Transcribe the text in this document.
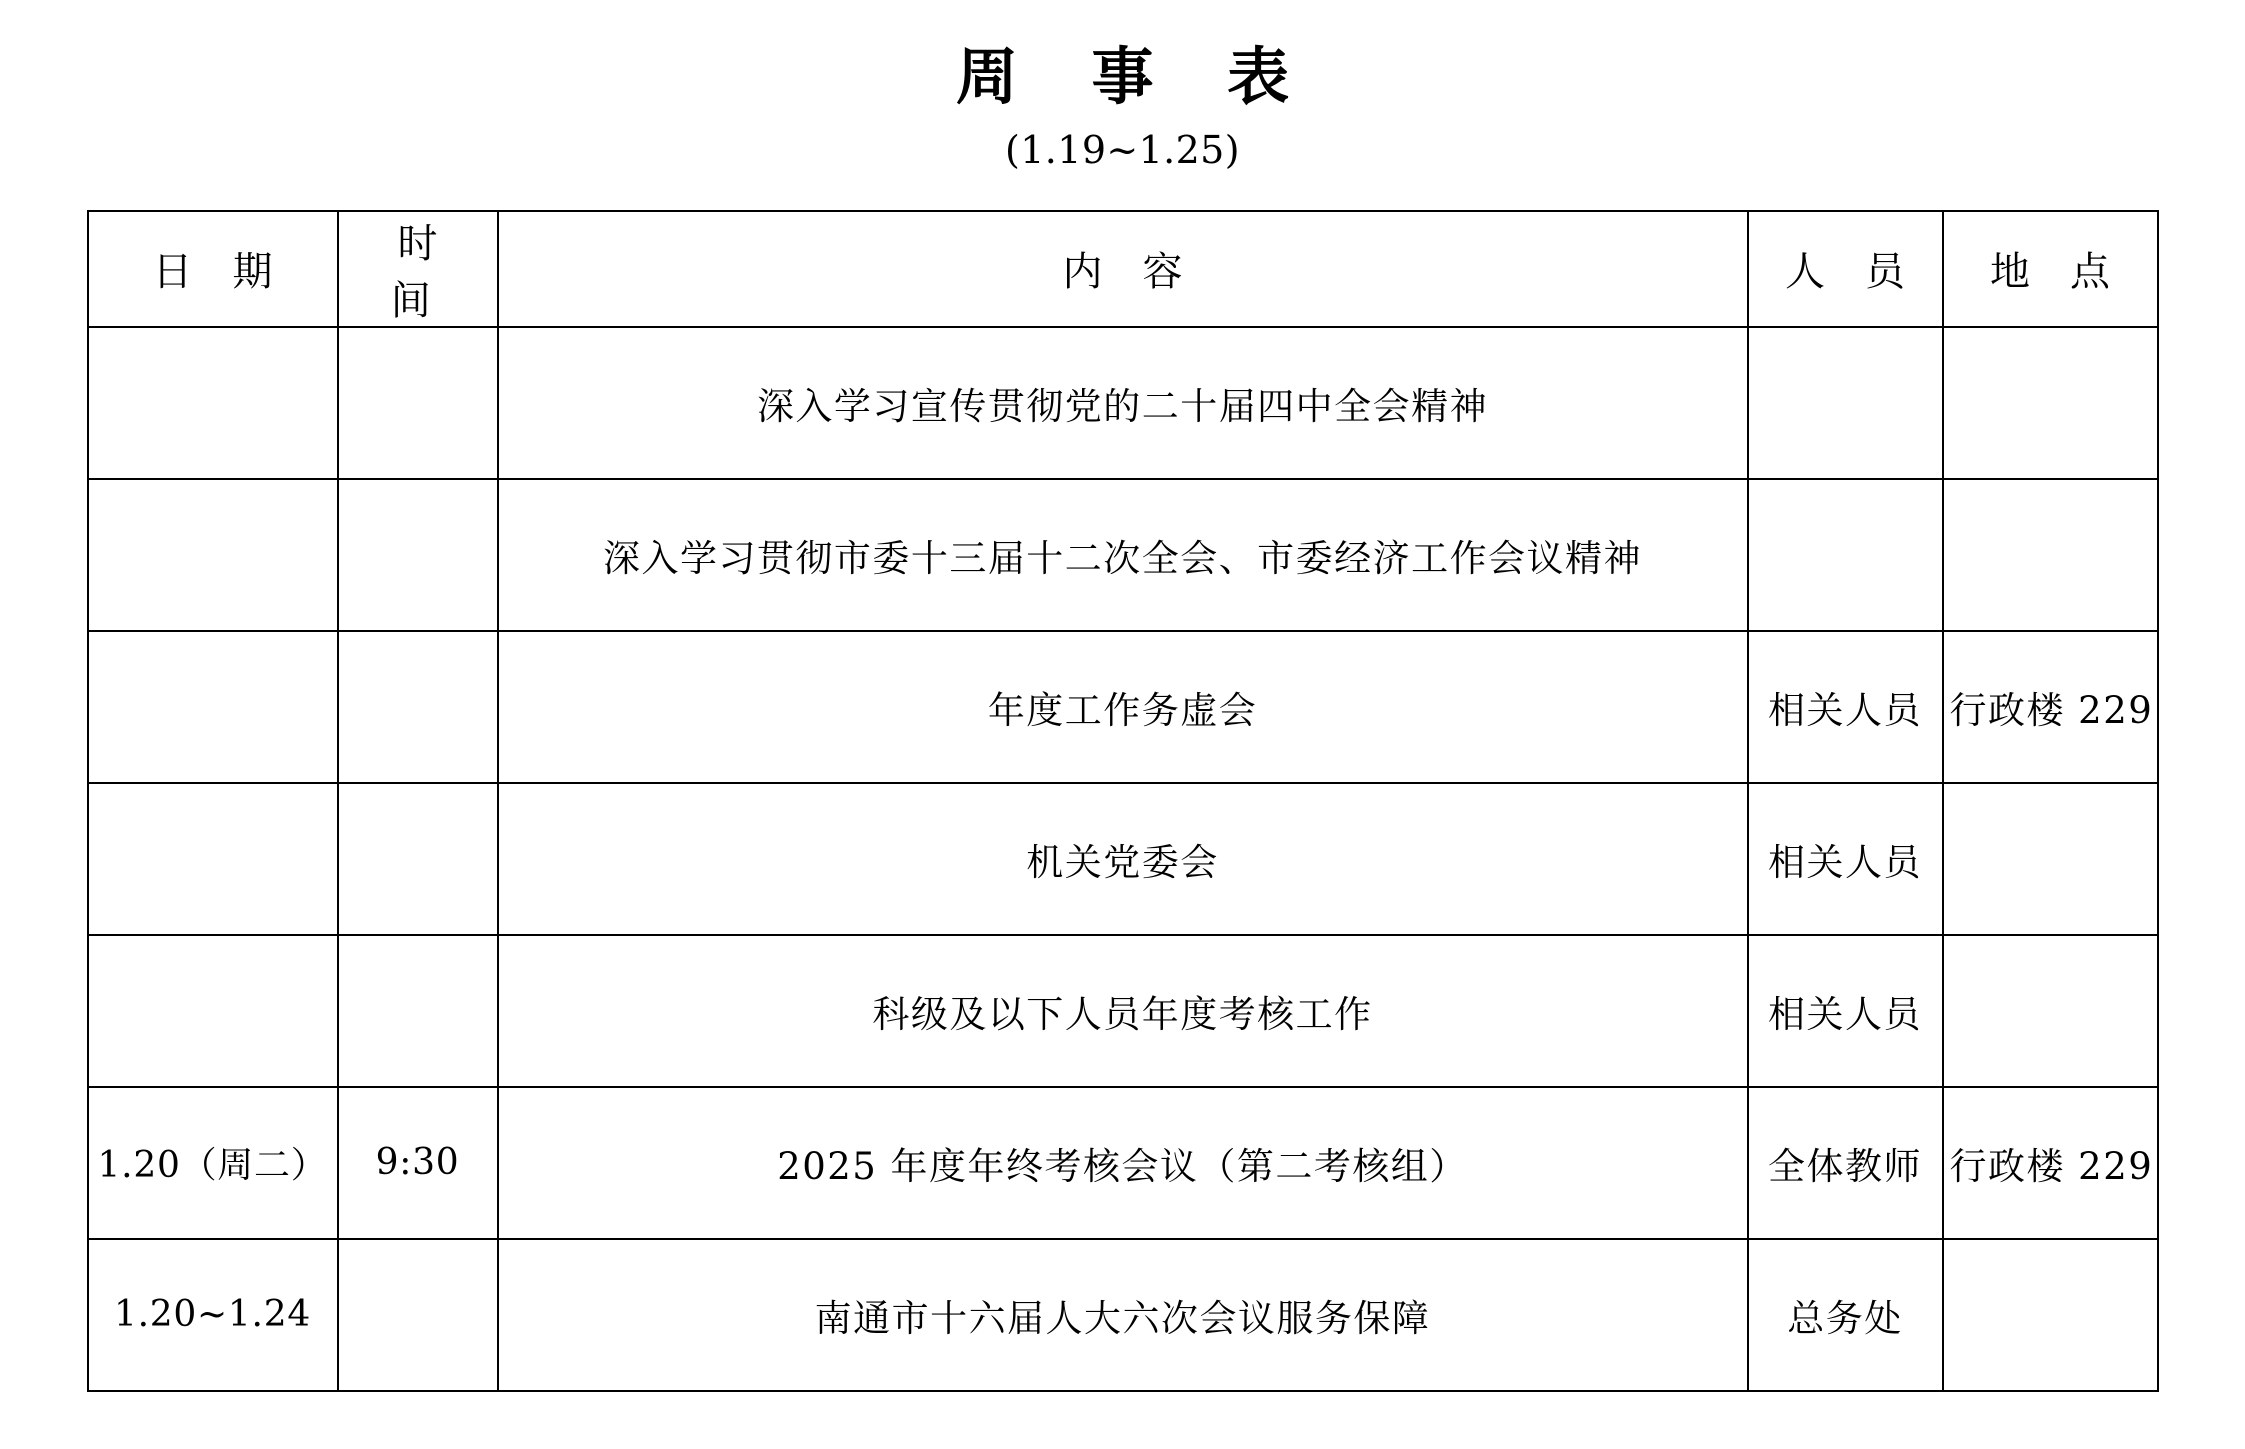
周 事 表
(1.19~1.25)
日 期	时 间	内 容	人 员	地 点
		深入学习宣传贯彻党的二十届四中全会精神		
		深入学习贯彻市委十三届十二次全会、市委经济工作会议精神		
		年度工作务虚会	相关人员	行政楼 229
		机关党委会	相关人员	
		科级及以下人员年度考核工作	相关人员	
1.20（周二）	9:30	2025 年度年终考核会议（第二考核组）	全体教师	行政楼 229
1.20~1.24		南通市十六届人大六次会议服务保障	总务处	
